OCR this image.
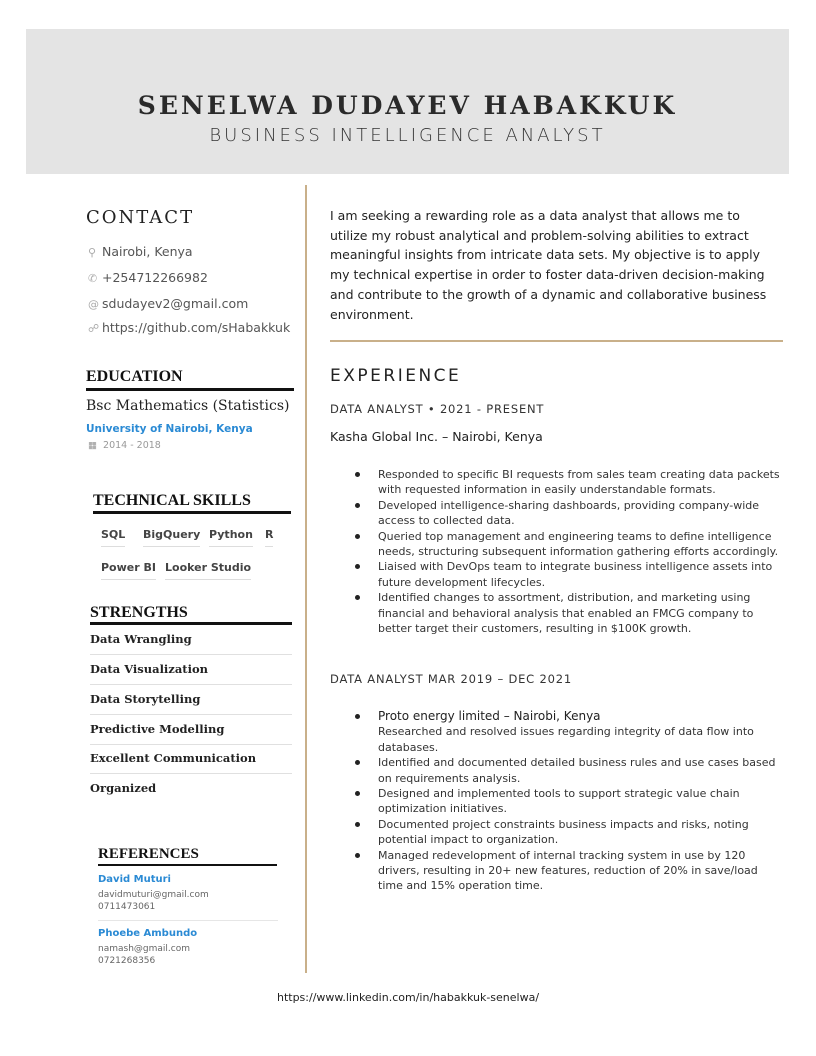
SENELWA DUDAYEV HABAKKUK
BUSINESS INTELLIGENCE ANALYST
CONTACT
⚲ Nairobi, Kenya
✆ +254712266982
@ sdudayev2@gmail.com
☍ https://github.com/sHabakkuk
EDUCATION
Bsc Mathematics (Statistics)
University of Nairobi, Kenya
▦ 2014 - 2018
TECHNICAL SKILLS
SQL BigQuery Python R
Power BI Looker Studio
STRENGTHS
Data Wrangling
Data Visualization
Data Storytelling
Predictive Modelling
Excellent Communication
Organized
REFERENCES
David Muturi
davidmuturi@gmail.com
0711473061
Phoebe Ambundo
namash@gmail.com
0721268356
I am seeking a rewarding role as a data analyst that allows me to utilize my robust analytical and problem-solving abilities to extract meaningful insights from intricate data sets. My objective is to apply my technical expertise in order to foster data-driven decision-making and contribute to the growth of a dynamic and collaborative business environment.
EXPERIENCE
DATA ANALYST • 2021 - PRESENT
Kasha Global Inc. – Nairobi, Kenya
Responded to specific BI requests from sales team creating data packets with requested information in easily understandable formats.
Developed intelligence-sharing dashboards, providing company-wide access to collected data.
Queried top management and engineering teams to define intelligence needs, structuring subsequent information gathering efforts accordingly.
Liaised with DevOps team to integrate business intelligence assets into future development lifecycles.
Identified changes to assortment, distribution, and marketing using financial and behavioral analysis that enabled an FMCG company to better target their customers, resulting in $100K growth.
DATA ANALYST MAR 2019 – DEC 2021
Proto energy limited – Nairobi, Kenya
Researched and resolved issues regarding integrity of data flow into databases.
Identified and documented detailed business rules and use cases based on requirements analysis.
Designed and implemented tools to support strategic value chain optimization initiatives.
Documented project constraints business impacts and risks, noting potential impact to organization.
Managed redevelopment of internal tracking system in use by 120 drivers, resulting in 20+ new features, reduction of 20% in save/load time and 15% operation time.
https://www.linkedin.com/in/habakkuk-senelwa/
